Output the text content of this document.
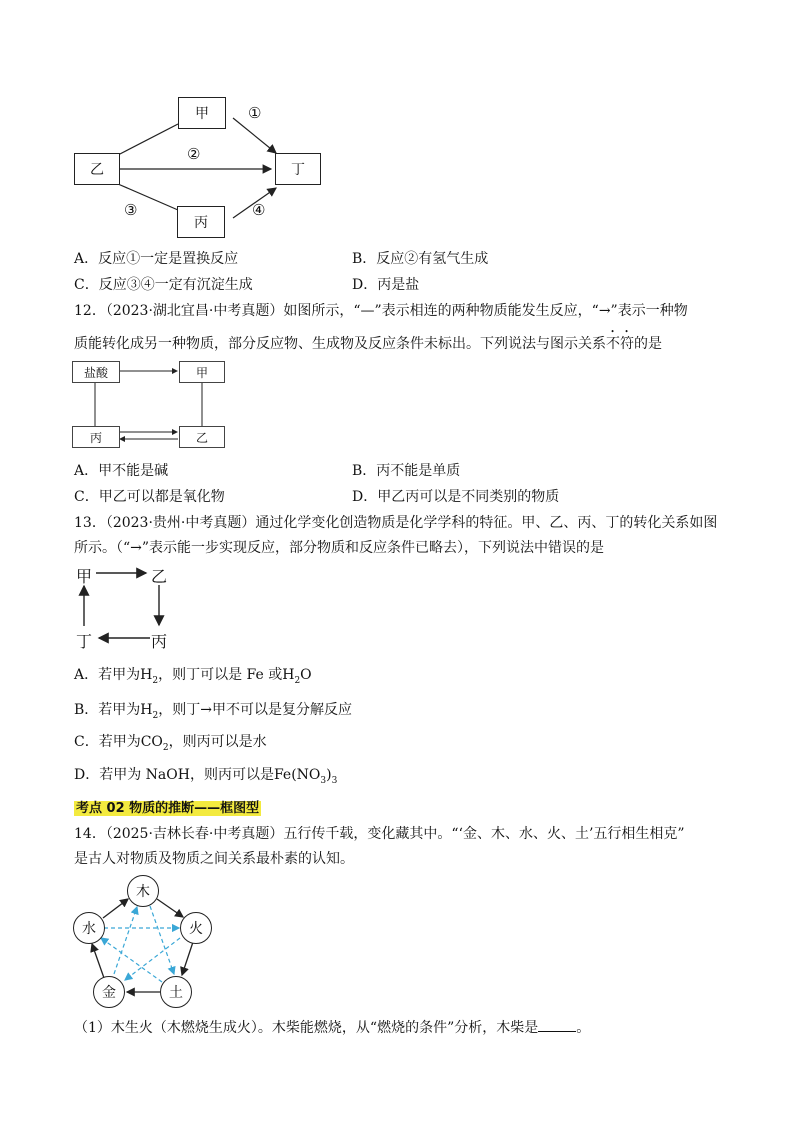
甲
乙	丁
丙
①
②
③	④
A．反应①一定是置换反应	B．反应②有氢气生成
C．反应③④一定有沉淀生成	D．丙是盐
12．（2023·湖北宜昌·中考真题）如图所示，“—”表示相连的两种物质能发生反应，“→”表示一种物
质能转化成另一种物质，部分反应物、生成物及反应条件未标出。下列说法与图示关系不符的是
盐酸	甲
丙	乙
A．甲不能是碱	B．丙不能是单质
C．甲乙可以都是氧化物	D．甲乙丙可以是不同类别的物质
13．（2023·贵州·中考真题）通过化学变化创造物质是化学学科的特征。甲、乙、丙、丁的转化关系如图
所示。（“→”表示能一步实现反应，部分物质和反应条件已略去），下列说法中错误的是
甲	乙
丙
丁
A．若甲为$H_2$，则丁可以是 Fe 或$H_2O$
B．若甲为$H_2$，则丁→甲不可以是复分解反应
C．若甲为$CO_2$，则丙可以是水
D．若甲为 NaOH，则丙可以是$Fe(NO_3)_3$
考点 02 物质的推断——框图型
14．（2025·吉林长春·中考真题）五行传千载，变化藏其中。“‘金、木、水、火、土’五行相生相克”
是古人对物质及物质之间关系最朴素的认知。
木
火
土
金
水
（1）木生火（木燃烧生成火）。木柴能燃烧，从“燃烧的条件”分析，木柴是	。
